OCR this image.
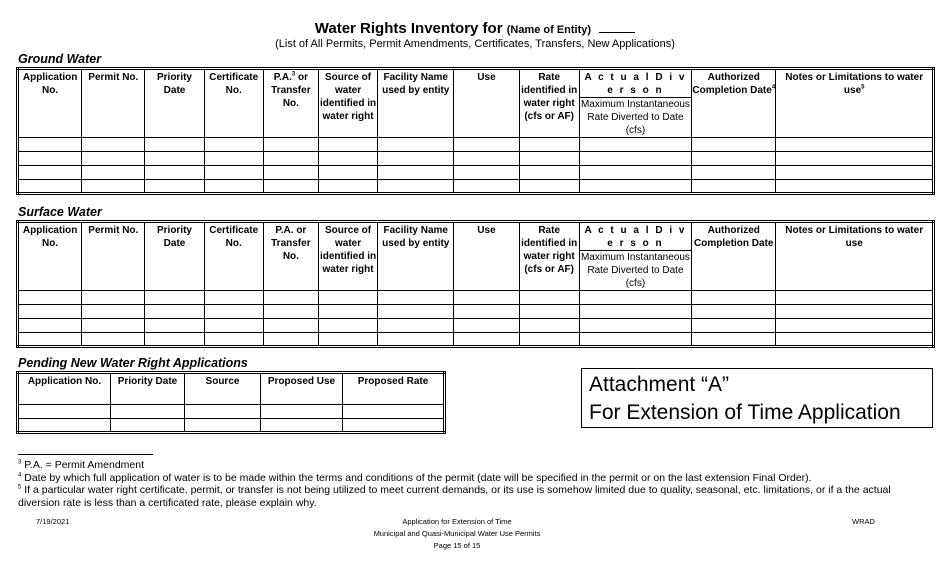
Water Rights Inventory for (Name of Entity)
(List of All Permits, Permit Amendments, Certificates, Transfers, New Applications)
Ground Water
Application No.	Permit No.	Priority Date	Certificate No.	P.A.$^3$ or Transfer No.	Source of water identified in water right	Facility Name used by entity	Use	Rate identified in water right (cfs or AF)	A c t u a l D i v e r s o n	Authorized Completion Date$^4$	Notes or Limitations to water use$^5$
									Maximum Instantaneous Rate Diverted to Date (cfs)		

Surface Water
Application No.	Permit No.	Priority Date	Certificate No.	P.A. or Transfer No.	Source of water identified in water right	Facility Name used by entity	Use	Rate identified in water right (cfs or AF)	A c t u a l D i v e r s o n	Authorized Completion Date	Notes or Limitations to water use
									Maximum Instantaneous Rate Diverted to Date (cfs)		

Pending New Water Right Applications
Application No.	Priority Date	Source	Proposed Use	Proposed Rate

					Attachment “A”
For Extension of Time Application
$^3$ P.A. = Permit Amendment
$^4$ Date by which full application of water is to be made within the terms and conditions of the permit (date will be specified in the permit or on the last extension Final Order).
$^5$ If a particular water right certificate, permit, or transfer is not being utilized to meet current demands, or its use is somehow limited due to quality, seasonal, etc. limitations, or if a the actual diversion rate is less than a certificated rate, please explain why.
7/19/2021	Application for Extension of Time
Municipal and Quasi-Municipal Water Use Permits
Page 15 of 15
WRAD
